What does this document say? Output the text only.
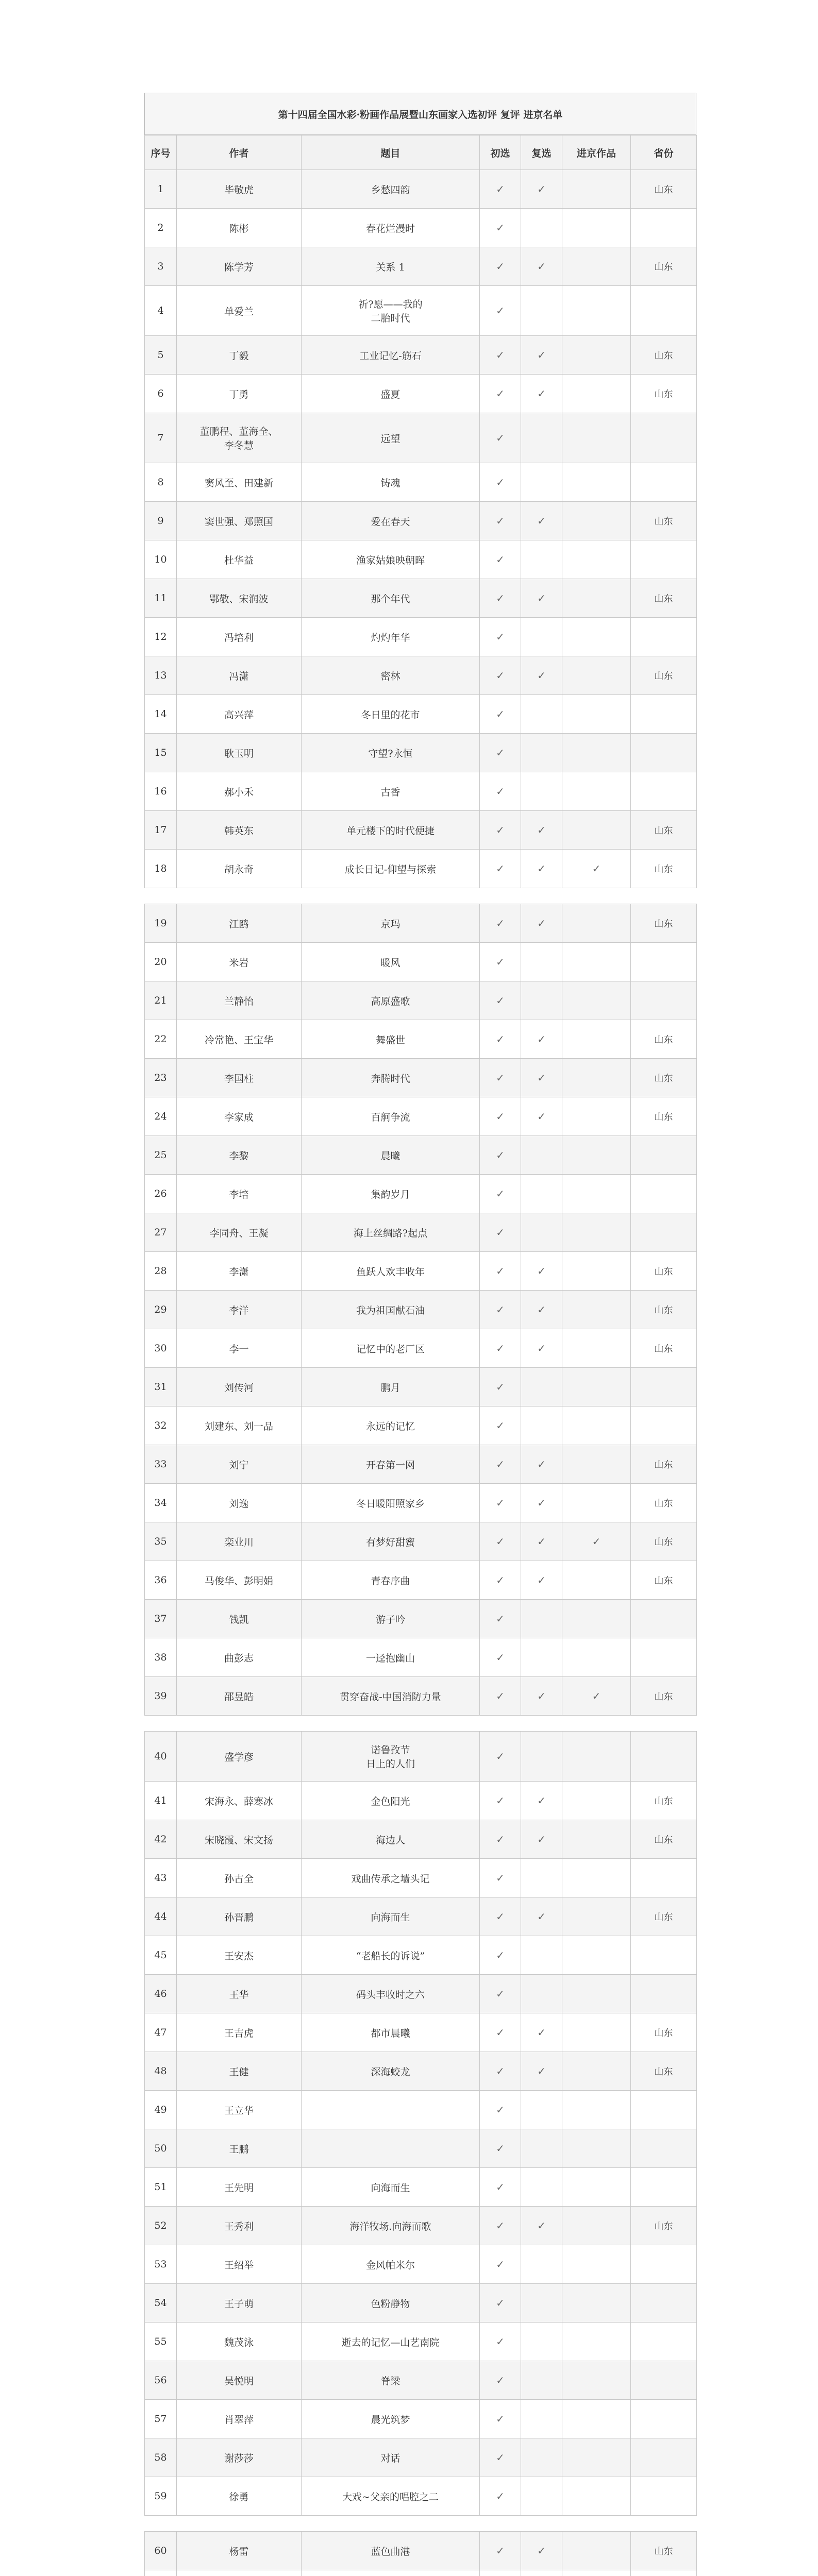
第十四届全国水彩·粉画作品展暨山东画家入选初评 复评 进京名单
序号	作者	题目	初选	复选	进京作品	省份
1	毕敬虎	乡愁四韵	✓	✓		山东
2	陈彬	春花烂漫时	✓			
3	陈学芳	关系 1	✓	✓		山东
4	单爱兰	祈?愿——我的
二胎时代	✓			
5	丁毅	工业记忆-筋石	✓	✓		山东
6	丁勇	盛夏	✓	✓		山东
7	董鹏程、董海全、
李冬慧	远望	✓			
8	窦风至、田建新	铸魂	✓			
9	窦世强、郑照国	爱在春天	✓	✓		山东
10	杜华益	渔家姑娘映朝晖	✓			
11	鄂敬、宋润波	那个年代	✓	✓		山东
12	冯培利	灼灼年华	✓			
13	冯潇	密林	✓	✓		山东
14	高兴萍	冬日里的花市	✓			
15	耿玉明	守望?永恒	✓			
16	郝小禾	古香	✓			
17	韩英东	单元楼下的时代便捷	✓	✓		山东
18	胡永奇	成长日记-仰望与探索	✓	✓	✓	山东

19	江鸥	京玛	✓	✓		山东
20	米岩	暖风	✓			
21	兰静怡	高原盛歌	✓			
22	冷常艳、王宝华	舞盛世	✓	✓		山东
23	李国柱	奔腾时代	✓	✓		山东
24	李家成	百舸争流	✓	✓		山东
25	李黎	晨曦	✓			
26	李培	集韵岁月	✓			
27	李同舟、王凝	海上丝绸路?起点	✓			
28	李潇	鱼跃人欢丰收年	✓	✓		山东
29	李洋	我为祖国献石油	✓	✓		山东
30	李一	记忆中的老厂区	✓	✓		山东
31	刘传河	鹏月	✓			
32	刘建东、刘一品	永远的记忆	✓			
33	刘宁	开春第一网	✓	✓		山东
34	刘逸	冬日暖阳照家乡	✓	✓		山东
35	栾业川	有梦好甜蜜	✓	✓	✓	山东
36	马俊华、彭明娟	青春序曲	✓	✓		山东
37	钱凯	游子吟	✓			
38	曲彭志	一迳抱幽山	✓			
39	邵昱皓	贯穿奋战-中国消防力量	✓	✓	✓	山东

40	盛学彦	诺鲁孜节
日上的人们	✓			
41	宋海永、薛寒冰	金色阳光	✓	✓		山东
42	宋晓霞、宋文扬	海边人	✓	✓		山东
43	孙古全	戏曲传承之墙头记	✓			
44	孙晋鹏	向海而生	✓	✓		山东
45	王安杰	“老船长的诉说”	✓			
46	王华	码头丰收时之六	✓			
47	王吉虎	都市晨曦	✓	✓		山东
48	王健	深海蛟龙	✓	✓		山东
49	王立华		✓			
50	王鹏		✓			
51	王先明	向海而生	✓			
52	王秀利	海洋牧场.向海而歌	✓	✓		山东
53	王绍举	金风帕米尔	✓			
54	王子萌	色粉静物	✓			
55	魏茂泳	逝去的记忆—山艺南院	✓			
56	吴悦明	脊梁	✓			
57	肖翠萍	晨光筑梦	✓			
58	谢莎莎	对话	✓			
59	徐勇	大戏~父亲的唱腔之二	✓			

60	杨雷	蓝色曲港	✓	✓		山东
